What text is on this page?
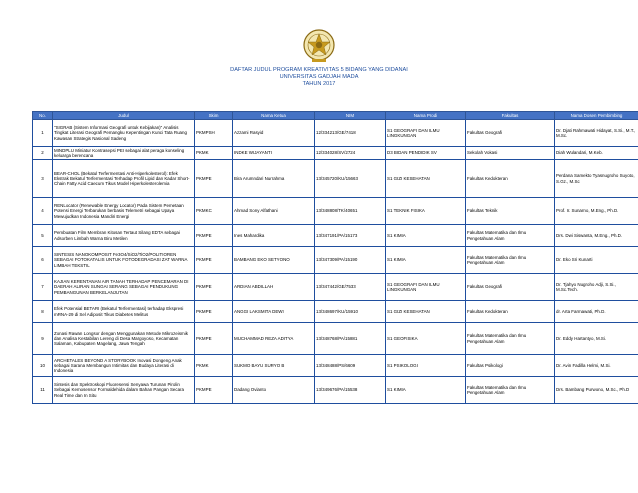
DAFTAR JUDUL PROGRAM KREATIVITAS 5 BIDANG YANG DIDANAI
UNIVERSITAS GADJAH MADA
TAHUN 2017
No.	Judul	Skim	Nama Ketua	NIM	Nama Prodi	Fakultas	Nama Dosen Pembimbing
1	"SIGRAB (Sistem Informasi Geografi untuk Kebijakan)" Analisis Tingkat Literasi Geografi Pemangku Kepentingan Kunci Tata Ruang Kawasan Strategis Nasional Sadeng	PKMPSH	Azzami Rasyid	12/334213/GE/7418	S1 GEOGRAFI DAN ILMU LINGKUNGAN	Fakultas Geografi	Dr. Djati Rahmawati Hidayat, S.Si., M.T., M.Sc.
2	MINDPLU Miniatur Kontrasepsi PEI sebagai alat peraga konseling keluarga berencana	PKMK	INDKE WIJAYANTI	12/334028/SV/2724	D3 BIDAN PENDIDIK SV	Sekolah Vokasi	Diah Wulandari, M.Keb.
3	BEAR-CHOL (Bekatul Terfermentasi Anti-Hiperkolesterol): Efek Ekstrak Bekatul Terfermentasi Terhadap Profil Lipid dan Kadar Short-Chain Fatty Acid Caecum Tikus Model Hiperkolesterolemia	PKMPE	Bira Arumndari Nurrahma	13/345720/KU/15663	S1 GIZI KESEHATAN	Fakultas Kedokteran	Perdana Samekto Tyasnugroho Suyoto, S.Gz., M.Sc
4	RENLocator (Renewable Energy Locator) Pada Sistem Pemetaan Potensi Energi Terbarukan berbasis Telemetri sebagai Upaya Mewujudkan Indonesia Mandiri Energi	PKMKC	Ahmad Sony Alfathani	13/348808/TK/40651	S1 TEKNIK FISIKA	Fakultas Teknik	Prof. Ir. Sunarno, M.Eng., Ph.D.
5	Pembuatan Film Membran Kitosan Tertaut Silang EDTA sebagai Adsorben Limbah Warna Biru Metilen	PKMPE	Ines Mahardika	13/347191/PA/15173	S1 KIMIA	Fakultas Matematika dan Ilmu Pengetahuan Alam	Drs. Dwi Siswanta, M.Eng., Ph.D.
6	SINTESIS NANOKOMPOSIT Fe3O4/SiO2/TiO2/POLITIOREN SEBAGAI FOTOKATALIS UNTUK FOTODEGRADASI ZAT WARNA LIMBAH TEKSTIL	PKMPE	BAMBANG EKO SETYONO	13/347309/PA/15190	S1 KIMIA	Fakultas Matematika dan Ilmu Pengetahuan Alam	Dr. Eko Sri Kunarti
7	KAJIAN KERENTANAN AIR TANAH TERHADAP PENCEMARAN DI DAERAH ALIRAN SUNGAI SERANG SEBAGAI PENDUKUNG PEMBANGUNAN BERKELANJUTAN	PKMPE	ARDIAN ABDILLAH	13/347442/GE/7533	S1 GEOGRAFI DAN ILMU LINGKUNGAN	Fakultas Geografi	Dr. Tjahyo Nugroho Adji, S.Si., M.Sc.Tech.
8	Efek Potensial BETARI (Bekatul Terfermentasi) terhadap Ekspresi mRNA-29 di Sel Adiposit Tikus Diabetes Melitus	PKMPE	ANGGI LAKSMITA DEWI	13/348697/KU/15910	S1 GIZI KESEHATAN	Fakultas Kedokteran	dr. Arta Farmawati, Ph.D.
9	Zonasi Rawan Longsor dengan Menggunakan Metode Mikrozeismik dan Analisa Kestabilan Lereng di Desa Margoyoso, Kecamatan Salaman, Kabupaten Magelang, Jawa Tengah	PKMPE	MUCHAMMAD REZA ADITYA	13/348768/PA/15881	S1 GEOFISIKA	Fakultas Matematika dan Ilmu Pengetahuan Alam	Dr. Eddy Hartantyo, M.Si.
10	ARCHETALES BEYOND A STORYBOOK Inovasi Dongeng Anak sebagai Sarana Membangun Intimitas dan Budaya Literasi di Indonesia	PKMK	SUKMO BAYU SURYO B	13/348488/PS/6609	S1 PSIKOLOGI	Fakultas Psikologi	Dr. Avin Fadilla Helmi, M.Si.
11	Sintesis dan Spektroskopi Fluoresensi Senyawa Turunan Pirolin Sebagai Kemosensor Formaldehida dalam Bahan Pangan Secara Real Time dan In Situ	PKMPE	Dadang Ovianto	13/349676/PA/15538	S1 KIMIA	Fakultas Matematika dan Ilmu Pengetahuan Alam	Drs. Bambang Purwono, M.Sc., Ph.D
